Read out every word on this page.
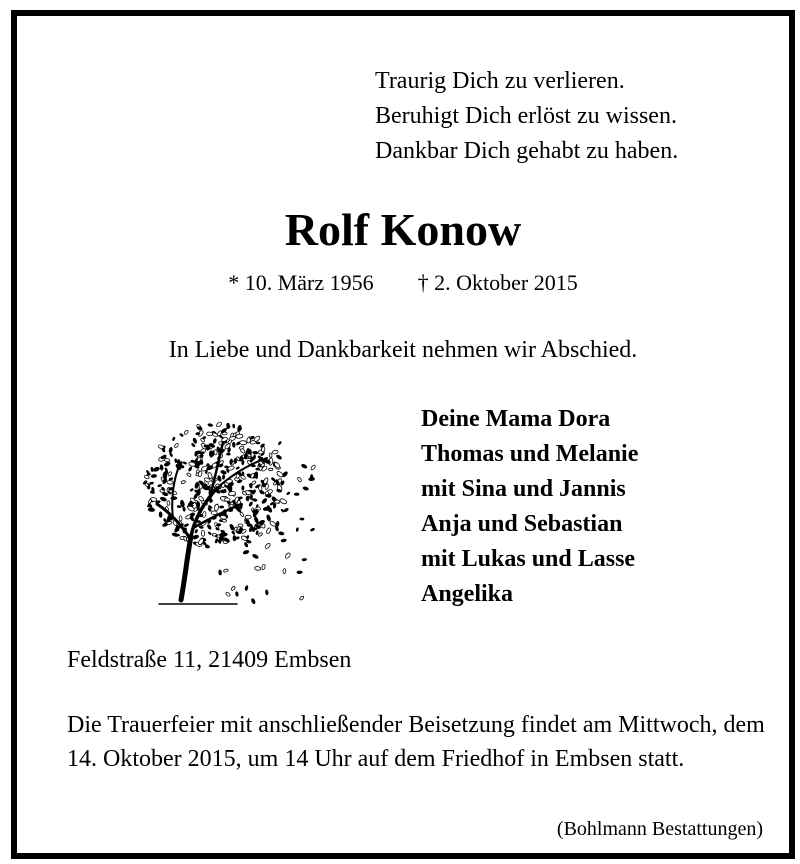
Traurig Dich zu verlieren.
Beruhigt Dich erlöst zu wissen.
Dankbar Dich gehabt zu haben.
Rolf Konow
* 10. März 1956 † 2. Oktober 2015
In Liebe und Dankbarkeit nehmen wir Abschied.
Deine Mama Dora
Thomas und Melanie
mit Sina und Jannis
Anja und Sebastian
mit Lukas und Lasse
Angelika
Feldstraße 11, 21409 Embsen
Die Trauerfeier mit anschließender Beisetzung findet am Mittwoch, dem 14. Oktober 2015, um 14 Uhr auf dem Friedhof in Embsen statt.
(Bohlmann Bestattungen)
